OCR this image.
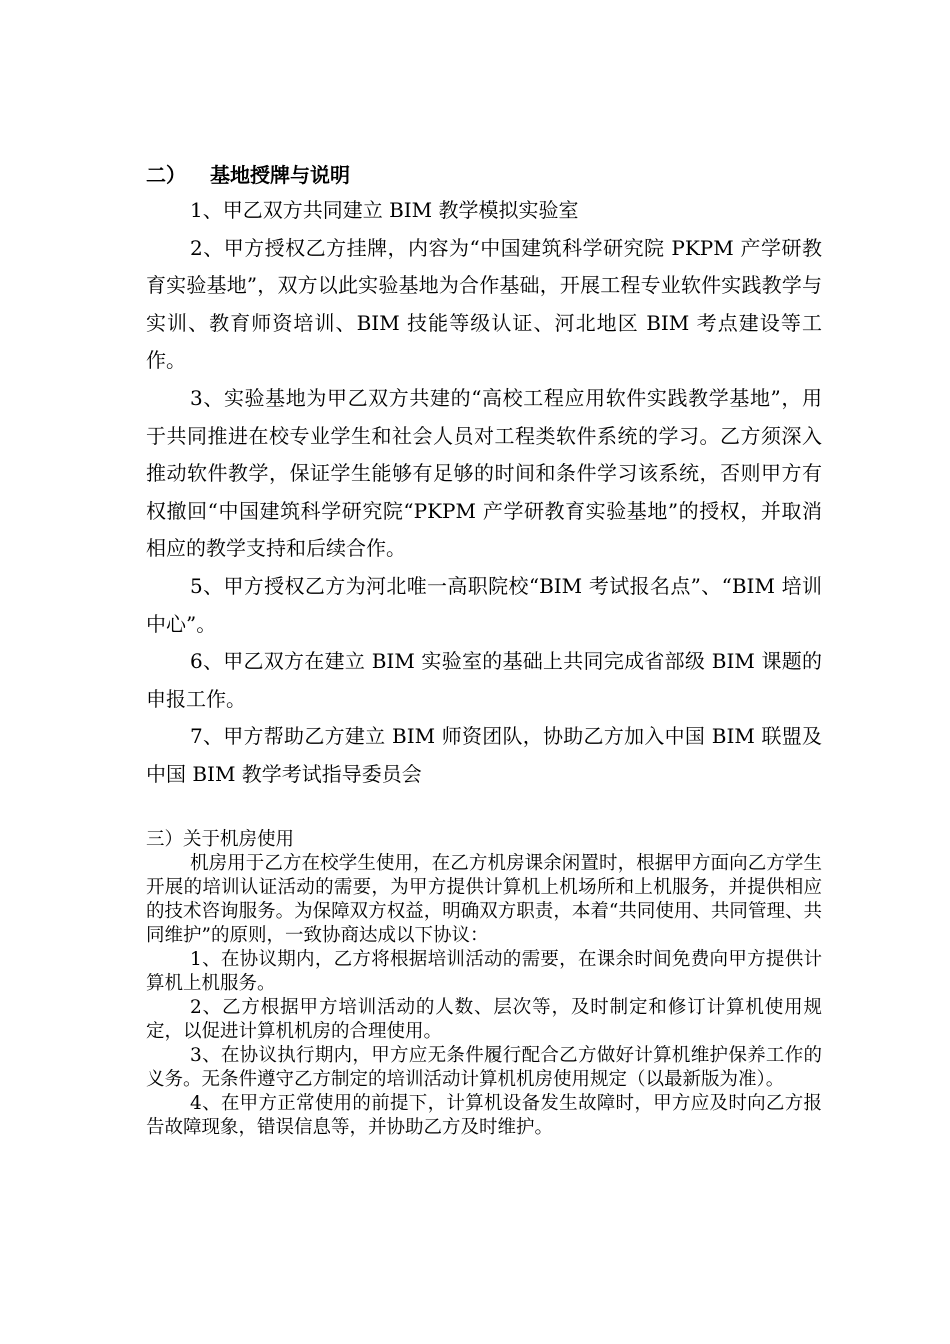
二） 基地授牌与说明

1、甲乙双方共同建立 BIM 教学模拟实验室

2、甲方授权乙方挂牌，内容为“中国建筑科学研究院 PKPM 产学研教育实验基地”，双方以此实验基地为合作基础，开展工程专业软件实践教学与实训、教育师资培训、BIM 技能等级认证、河北地区 BIM 考点建设等工作。

3、实验基地为甲乙双方共建的“高校工程应用软件实践教学基地”，用于共同推进在校专业学生和社会人员对工程类软件系统的学习。乙方须深入推动软件教学，保证学生能够有足够的时间和条件学习该系统，否则甲方有权撤回“中国建筑科学研究院“PKPM 产学研教育实验基地”的授权，并取消相应的教学支持和后续合作。

5、甲方授权乙方为河北唯一高职院校“BIM 考试报名点”、“BIM 培训中心”。

6、甲乙双方在建立 BIM 实验室的基础上共同完成省部级 BIM 课题的申报工作。

7、甲方帮助乙方建立 BIM 师资团队，协助乙方加入中国 BIM 联盟及中国 BIM 教学考试指导委员会

三）关于机房使用

机房用于乙方在校学生使用，在乙方机房课余闲置时，根据甲方面向乙方学生开展的培训认证活动的需要，为甲方提供计算机上机场所和上机服务，并提供相应的技术咨询服务。为保障双方权益，明确双方职责，本着“共同使用、共同管理、共同维护”的原则，一致协商达成以下协议：

1、在协议期内，乙方将根据培训活动的需要，在课余时间免费向甲方提供计算机上机服务。

2、乙方根据甲方培训活动的人数、层次等，及时制定和修订计算机使用规定，以促进计算机机房的合理使用。

3、在协议执行期内，甲方应无条件履行配合乙方做好计算机维护保养工作的义务。无条件遵守乙方制定的培训活动计算机机房使用规定（以最新版为准）。

4、在甲方正常使用的前提下，计算机设备发生故障时，甲方应及时向乙方报告故障现象，错误信息等，并协助乙方及时维护。
